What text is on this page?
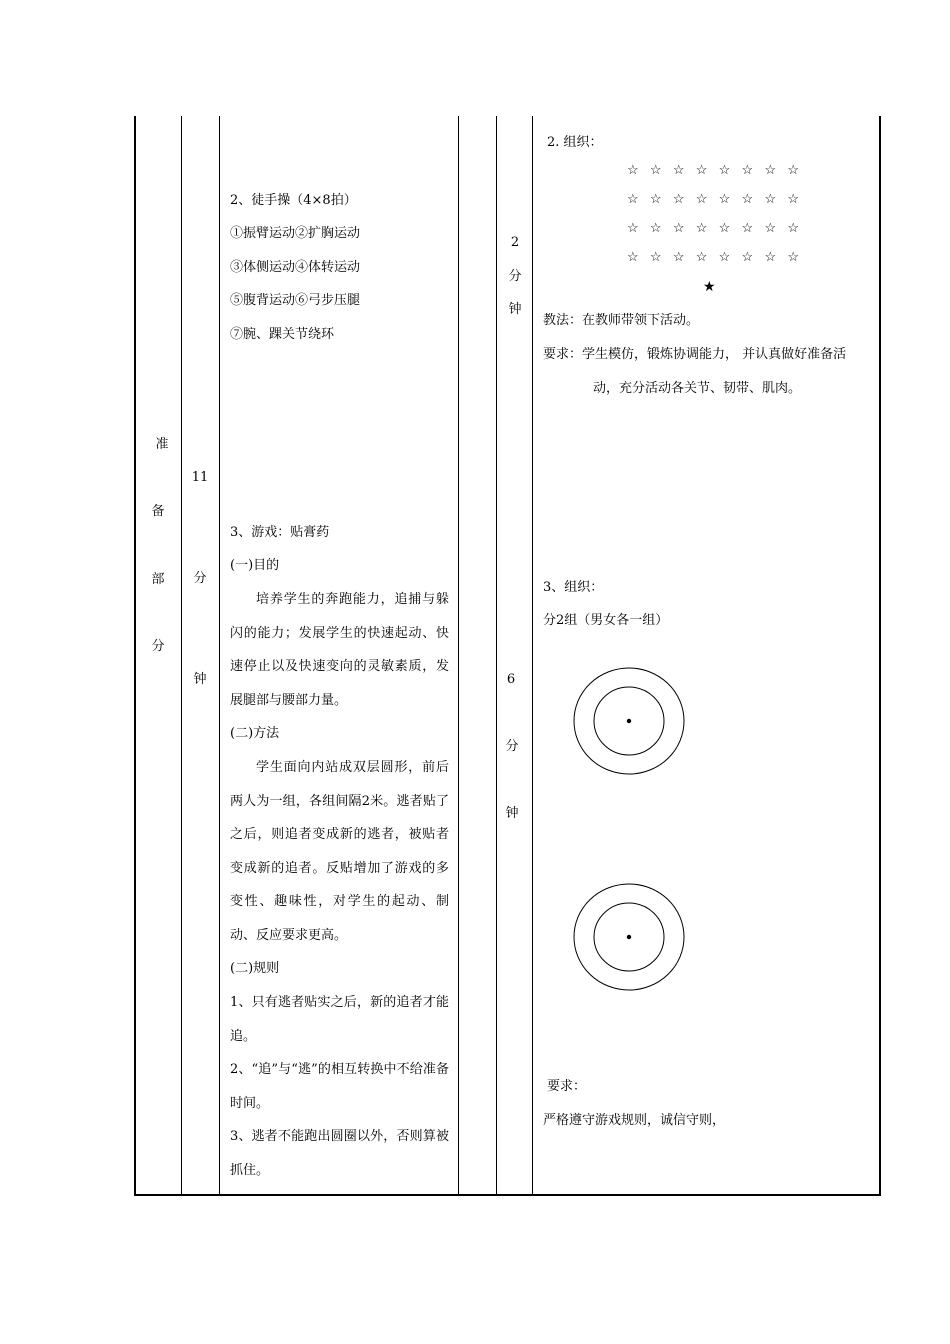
准
备
部
分
11
分
钟
2、徒手操（4×8拍）
①振臂运动②扩胸运动
③体侧运动④体转运动
⑤腹背运动⑥弓步压腿
⑦腕、踝关节绕环
3、游戏：贴膏药
(一)目的
培养学生的奔跑能力，追捕与躲闪的能力；发展学生的快速起动、快速停止以及快速变向的灵敏素质，发展腿部与腰部力量。
(二)方法
学生面向内站成双层圆形，前后两人为一组，各组间隔2米。逃者贴了之后，则追者变成新的逃者，被贴者变成新的追者。反贴增加了游戏的多变性、趣味性，对学生的起动、制动、反应要求更高。
(二)规则
1、只有逃者贴实之后，新的追者才能追。
2、“追”与“逃”的相互转换中不给准备时间。
3、逃者不能跑出圆圈以外，否则算被抓住。
2
分
钟
6
分
钟
2. 组织：
☆ ☆ ☆ ☆ ☆ ☆ ☆ ☆
☆ ☆ ☆ ☆ ☆ ☆ ☆ ☆
☆ ☆ ☆ ☆ ☆ ☆ ☆ ☆
☆ ☆ ☆ ☆ ☆ ☆ ☆ ☆
★
教法：在教师带领下活动。
要求：学生模仿，锻炼协调能力， 并认真做好准备活
动，充分活动各关节、韧带、肌肉。
3、组织：
分2组（男女各一组）
要求：
严格遵守游戏规则，诚信守则，
